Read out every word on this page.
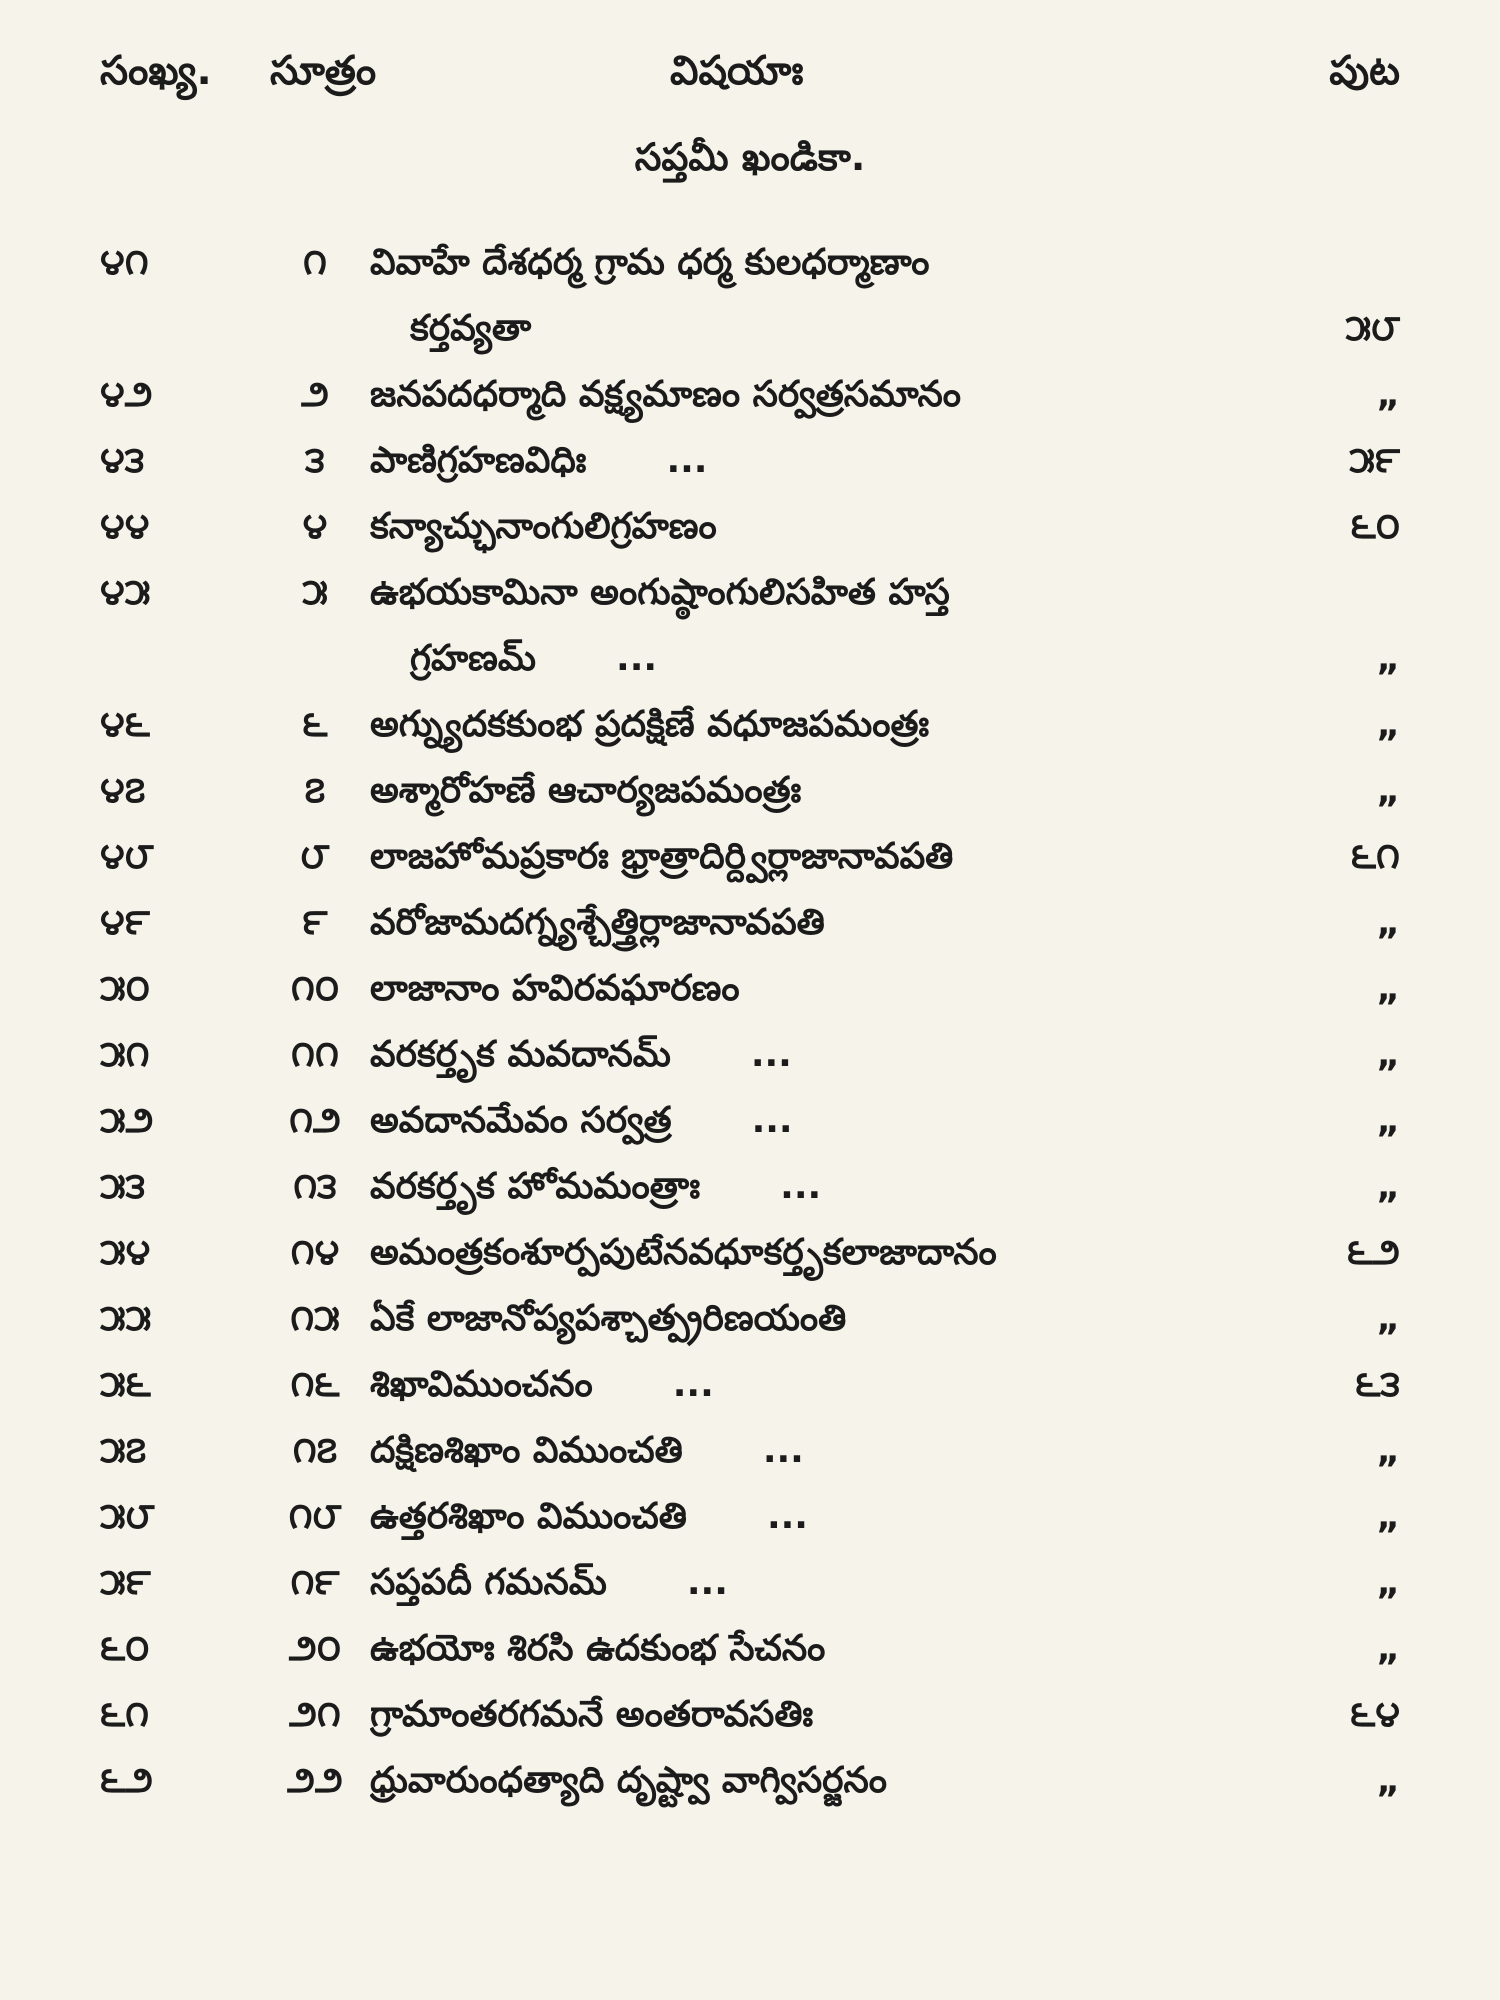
సంఖ్య. సూత్రం	విషయాః	పుట
సప్తమీ ఖండికా.
౪౧	౧	వివాహే దేశధర్మ గ్రామ ధర్మ కులధర్మాణాం
కర్తవ్యతా	౫౮
౪౨	౨	జనపదధర్మాది వక్ష్యమాణం సర్వత్రసమానం	„
౪౩	౩	పాణిగ్రహణవిధిః ...	౫౯
౪౪	౪	కన్యాచ్ఛునాంగులిగ్రహణం	౬౦
౪౫	౫	ఉభయకామినా అంగుష్ఠాంగులిసహిత హస్త
గ్రహణమ్ ...	„
౪౬	౬	అగ్న్యుదకకుంభ ప్రదక్షిణే వధూజపమంత్రః	„
౪౭	౭	అశ్మారోహణే ఆచార్యజపమంత్రః	„
౪౮	౮	లాజహోమప్రకారః భ్రాత్రాదిర్ద్విర్లాజానావపతి	౬౧
౪౯	౯	వరోజామదగ్న్యశ్చేత్త్రిర్లాజానావపతి	„
౫౦	౧౦ లాజానాం హవిరవఘారణం	„
౫౧	౧౧ వరకర్తృక మవదానమ్ ...	„
౫౨	౧౨ అవదానమేవం సర్వత్ర ...	„
౫౩	౧౩ వరకర్తృక హోమమంత్రాః ...	„
౫౪	౧౪ అమంత్రకంశూర్పపుటేనవధూకర్తృకలాజాదానం	౬౨
౫౫	౧౫ ఏకే లాజానోప్యపశ్చాత్ప్రరిణయంతి	„
౫౬	౧౬ శిఖావిముంచనం ...	౬౩
౫౭	౧౭ దక్షిణశిఖాం విముంచతి ...	„
౫౮	౧౮ ఉత్తరశిఖాం విముంచతి ...	„
౫౯	౧౯ సప్తపదీ గమనమ్ ...	„
౬౦	౨౦ ఉభయోః శిరసి ఉదకుంభ సేచనం	„
౬౧	౨౧ గ్రామాంతరగమనే అంతరావసతిః	౬౪
౬౨	౨౨ ధ్రువారుంధత్యాది దృష్ట్వా వాగ్విసర్జనం	„
